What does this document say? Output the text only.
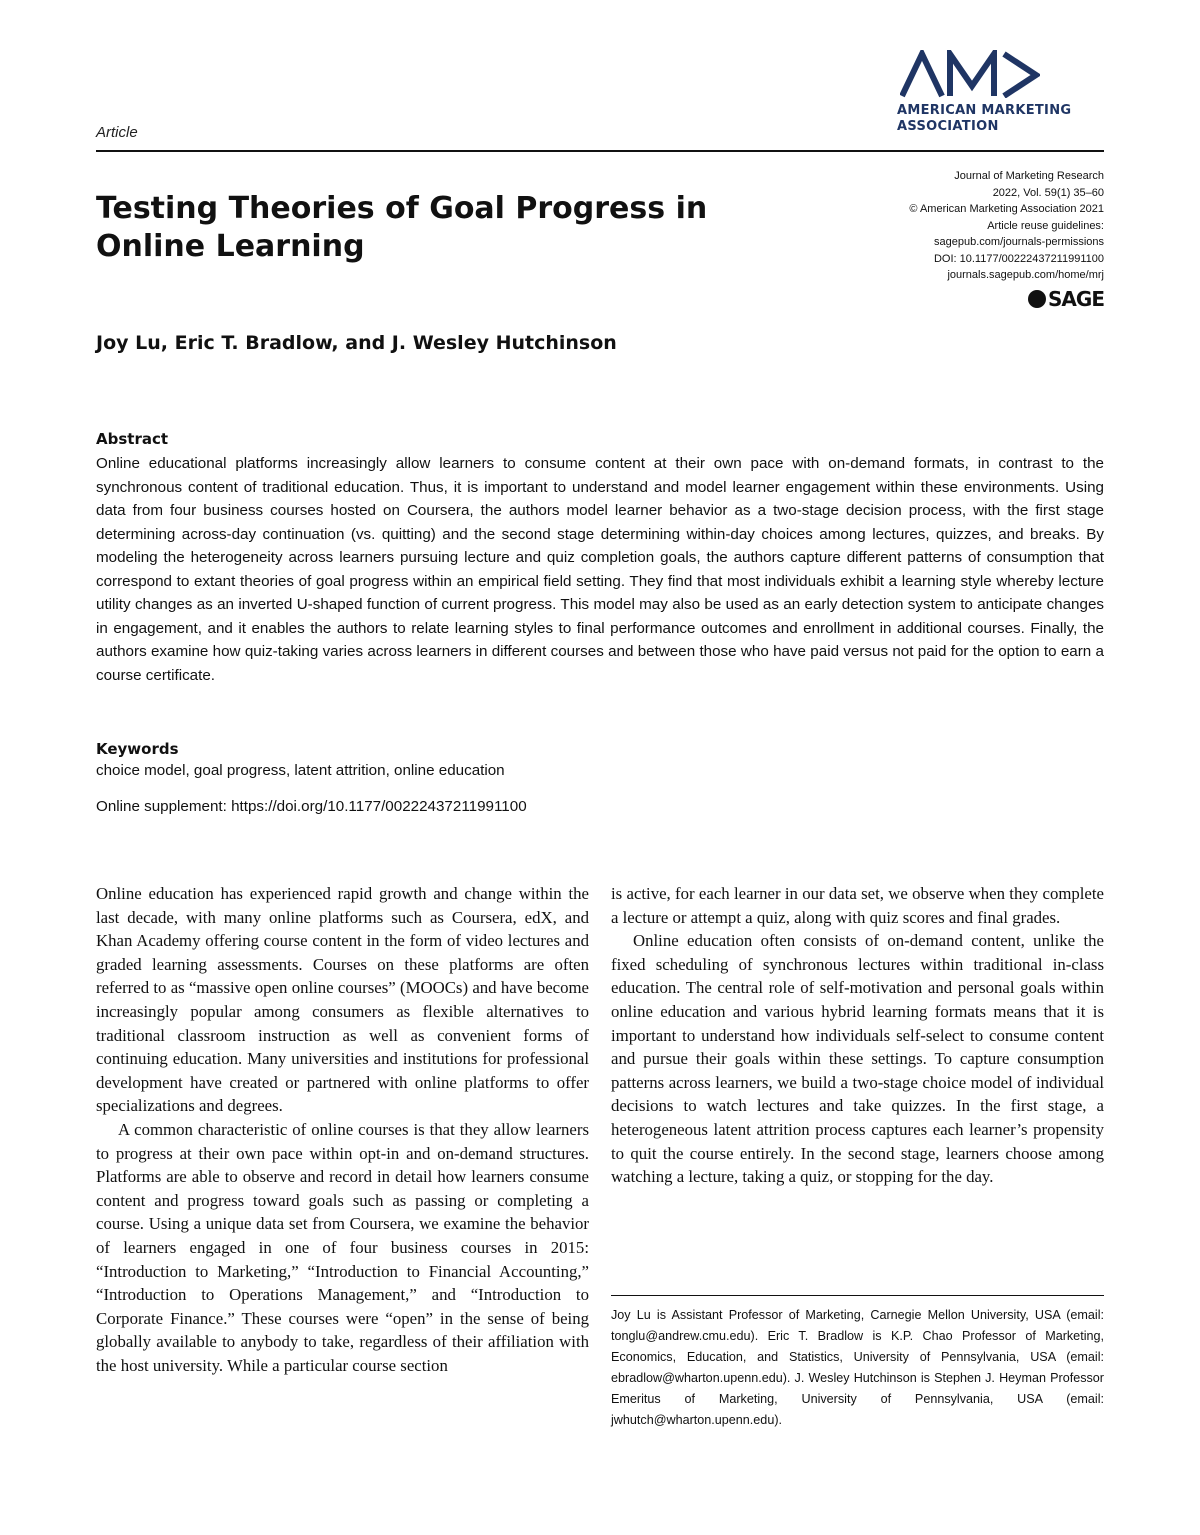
AMERICAN MARKETING
ASSOCIATION
Article
Journal of Marketing Research
2022, Vol. 59(1) 35–60
© American Marketing Association 2021
Article reuse guidelines:
sagepub.com/journals-permissions
DOI: 10.1177/00222437211991100
journals.sagepub.com/home/mrj
SAGE
Testing Theories of Goal Progress in
Online Learning
Joy Lu, Eric T. Bradlow, and J. Wesley Hutchinson
Abstract
Online educational platforms increasingly allow learners to consume content at their own pace with on-demand formats, in contrast to the synchronous content of traditional education. Thus, it is important to understand and model learner engagement within these environments. Using data from four business courses hosted on Coursera, the authors model learner behavior as a two-stage decision process, with the first stage determining across-day continuation (vs. quitting) and the second stage determining within-day choices among lectures, quizzes, and breaks. By modeling the heterogeneity across learners pursuing lecture and quiz completion goals, the authors capture different patterns of consumption that correspond to extant theories of goal progress within an empirical field setting. They find that most individuals exhibit a learning style whereby lecture utility changes as an inverted U-shaped function of current progress. This model may also be used as an early detection system to anticipate changes in engagement, and it enables the authors to relate learning styles to final performance outcomes and enrollment in additional courses. Finally, the authors examine how quiz-taking varies across learners in different courses and between those who have paid versus not paid for the option to earn a course certificate.
Keywords
choice model, goal progress, latent attrition, online education
Online supplement: https://doi.org/10.1177/00222437211991100

Online education has experienced rapid growth and change within the last decade, with many online platforms such as Coursera, edX, and Khan Academy offering course content in the form of video lectures and graded learning assessments. Courses on these platforms are often referred to as “massive open online courses” (MOOCs) and have become increasingly popular among consumers as flexible alternatives to traditional classroom instruction as well as convenient forms of continuing education. Many universities and institutions for professional development have created or partnered with online platforms to offer specializations and degrees.

A common characteristic of online courses is that they allow learners to progress at their own pace within opt-in and on-demand structures. Platforms are able to observe and record in detail how learners consume content and progress toward goals such as passing or completing a course. Using a unique data set from Coursera, we examine the behavior of learners engaged in one of four business courses in 2015: “Introduction to Marketing,” “Introduction to Financial Accounting,” “Introduction to Operations Management,” and “Introduction to Corporate Finance.” These courses were “open” in the sense of being globally available to anybody to take, regardless of their affiliation with the host university. While a particular course section

is active, for each learner in our data set, we observe when they complete a lecture or attempt a quiz, along with quiz scores and final grades.

Online education often consists of on-demand content, unlike the fixed scheduling of synchronous lectures within traditional in-class education. The central role of self-motivation and personal goals within online education and various hybrid learning formats means that it is important to understand how individuals self-select to consume content and pursue their goals within these settings. To capture consumption patterns across learners, we build a two-stage choice model of individual decisions to watch lectures and take quizzes. In the first stage, a heterogeneous latent attrition process captures each learner’s propensity to quit the course entirely. In the second stage, learners choose among watching a lecture, taking a quiz, or stopping for the day.

Joy Lu is Assistant Professor of Marketing, Carnegie Mellon University, USA (email: tonglu@andrew.cmu.edu). Eric T. Bradlow is K.P. Chao Professor of Marketing, Economics, Education, and Statistics, University of Pennsylvania, USA (email: ebradlow@wharton.upenn.edu). J. Wesley Hutchinson is Stephen J. Heyman Professor Emeritus of Marketing, University of Pennsylvania, USA (email: jwhutch@wharton.upenn.edu).
